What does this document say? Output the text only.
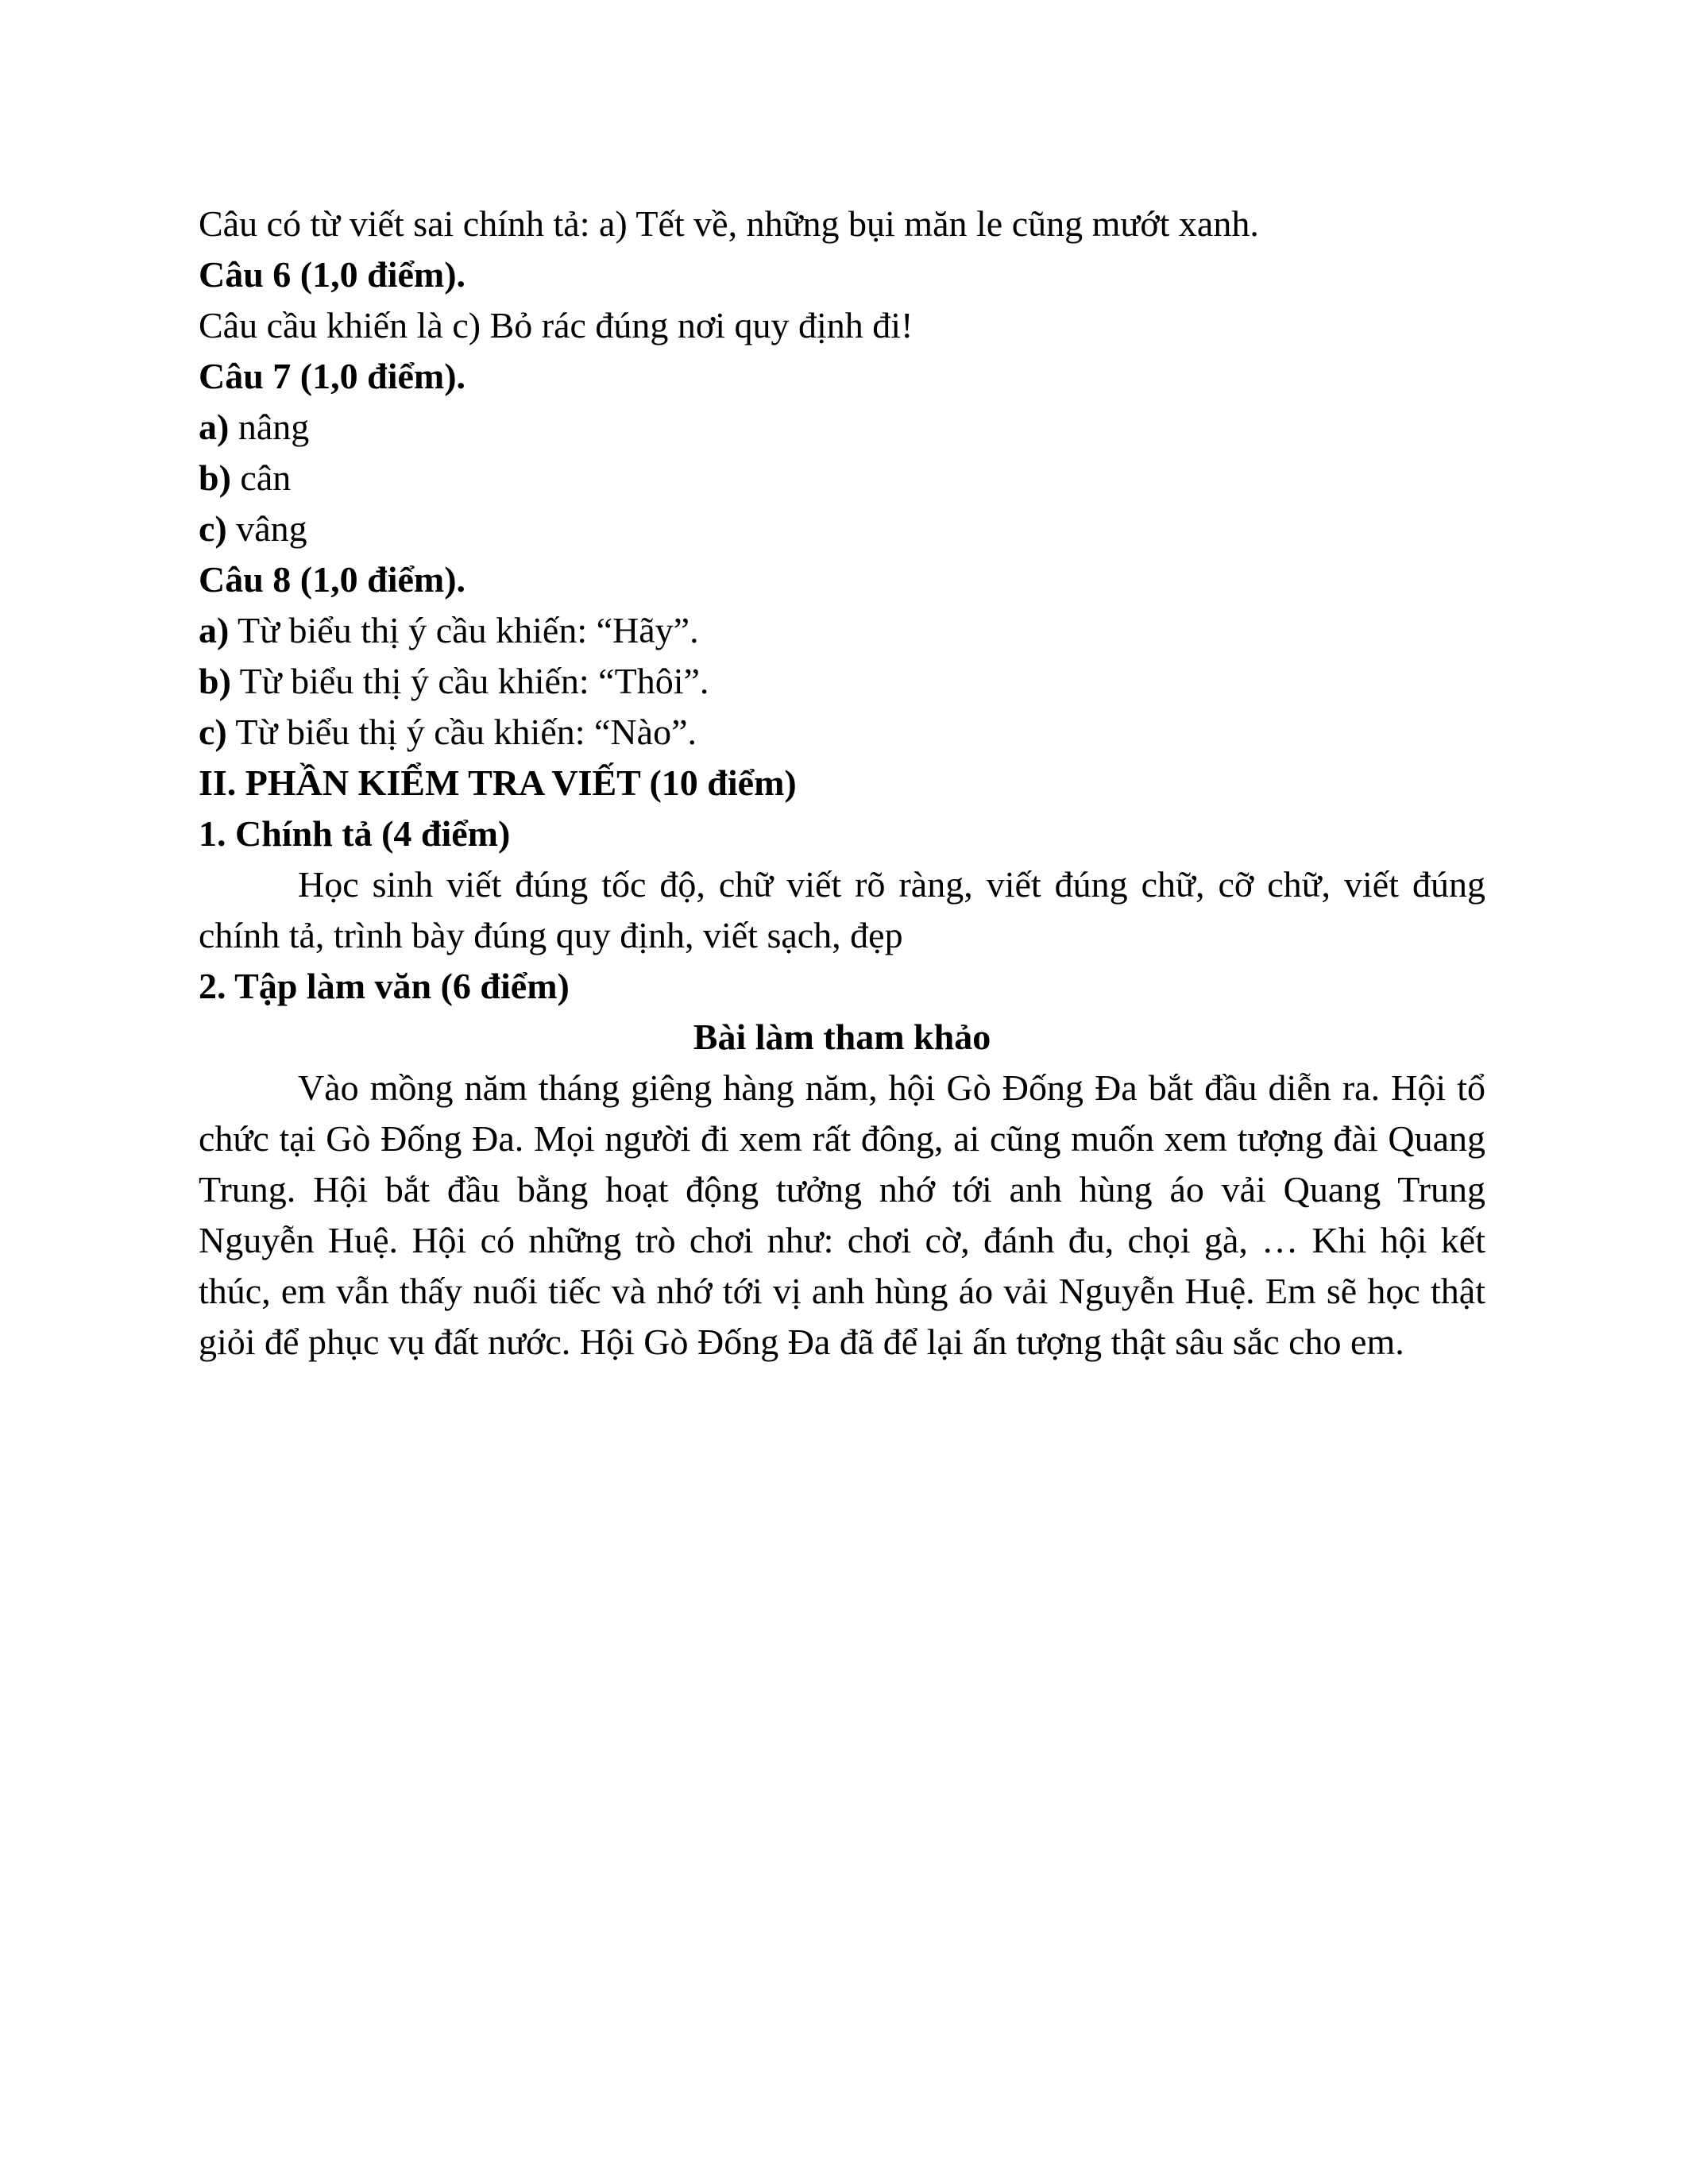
Câu có từ viết sai chính tả: a) Tết về, những bụi măn le cũng mướt xanh.

Câu 6 (1,0 điểm).

Câu cầu khiến là c) Bỏ rác đúng nơi quy định đi!

Câu 7 (1,0 điểm).

a) nâng

b) cân

c) vâng

Câu 8 (1,0 điểm).

a) Từ biểu thị ý cầu khiến: “Hãy”.

b) Từ biểu thị ý cầu khiến: “Thôi”.

c) Từ biểu thị ý cầu khiến: “Nào”.

II. PHẦN KIỂM TRA VIẾT (10 điểm)

1. Chính tả (4 điểm)

Học sinh viết đúng tốc độ, chữ viết rõ ràng, viết đúng chữ, cỡ chữ, viết đúng chính tả, trình bày đúng quy định, viết sạch, đẹp

2. Tập làm văn (6 điểm)

Bài làm tham khảo

Vào mồng năm tháng giêng hàng năm, hội Gò Đống Đa bắt đầu diễn ra. Hội tổ chức tại Gò Đống Đa. Mọi người đi xem rất đông, ai cũng muốn xem tượng đài Quang Trung. Hội bắt đầu bằng hoạt động tưởng nhớ tới anh hùng áo vải Quang Trung Nguyễn Huệ. Hội có những trò chơi như: chơi cờ, đánh đu, chọi gà, … Khi hội kết thúc, em vẫn thấy nuối tiếc và nhớ tới vị anh hùng áo vải Nguyễn Huệ. Em sẽ học thật giỏi để phục vụ đất nước. Hội Gò Đống Đa đã để lại ấn tượng thật sâu sắc cho em.
